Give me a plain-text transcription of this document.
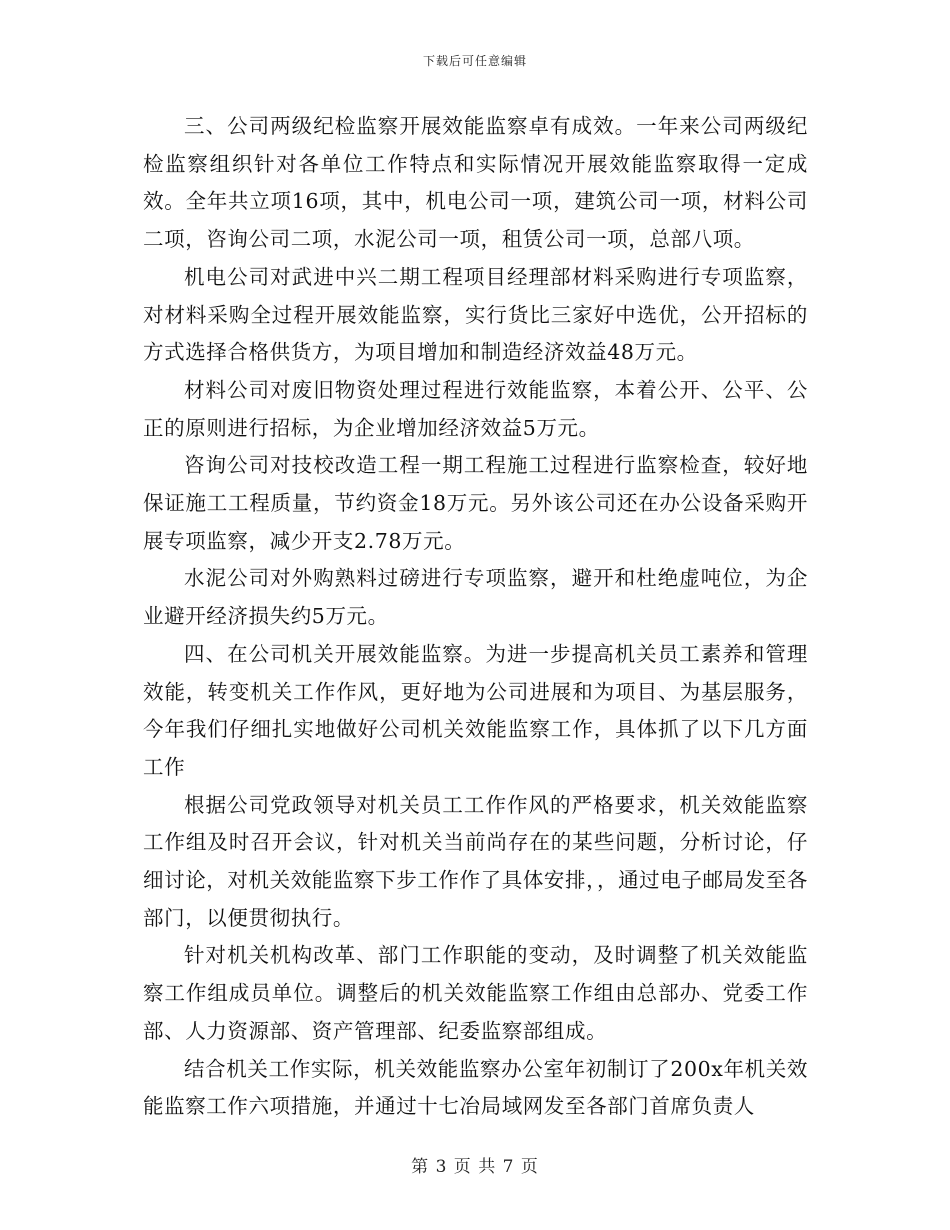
下载后可任意编辑

三、公司两级纪检监察开展效能监察卓有成效。一年来公司两级纪检监察组织针对各单位工作特点和实际情况开展效能监察取得一定成效。全年共立项16项，其中，机电公司一项，建筑公司一项，材料公司二项，咨询公司二项，水泥公司一项，租赁公司一项，总部八项。

机电公司对武进中兴二期工程项目经理部材料采购进行专项监察，对材料采购全过程开展效能监察，实行货比三家好中选优，公开招标的方式选择合格供货方，为项目增加和制造经济效益48万元。

材料公司对废旧物资处理过程进行效能监察，本着公开、公平、公正的原则进行招标，为企业增加经济效益5万元。

咨询公司对技校改造工程一期工程施工过程进行监察检查，较好地保证施工工程质量，节约资金18万元。另外该公司还在办公设备采购开展专项监察，减少开支2.78万元。

水泥公司对外购熟料过磅进行专项监察，避开和杜绝虚吨位，为企业避开经济损失约5万元。

四、在公司机关开展效能监察。为进一步提高机关员工素养和管理效能，转变机关工作作风，更好地为公司进展和为项目、为基层服务，今年我们仔细扎实地做好公司机关效能监察工作，具体抓了以下几方面工作

根据公司党政领导对机关员工工作作风的严格要求，机关效能监察工作组及时召开会议，针对机关当前尚存在的某些问题，分析讨论，仔细讨论，对机关效能监察下步工作作了具体安排，，通过电子邮局发至各部门，以便贯彻执行。

针对机关机构改革、部门工作职能的变动，及时调整了机关效能监察工作组成员单位。调整后的机关效能监察工作组由总部办、党委工作部、人力资源部、资产管理部、纪委监察部组成。

结合机关工作实际，机关效能监察办公室年初制订了200x年机关效能监察工作六项措施，并通过十七冶局域网发至各部门首席负责人

第 3 页 共 7 页
